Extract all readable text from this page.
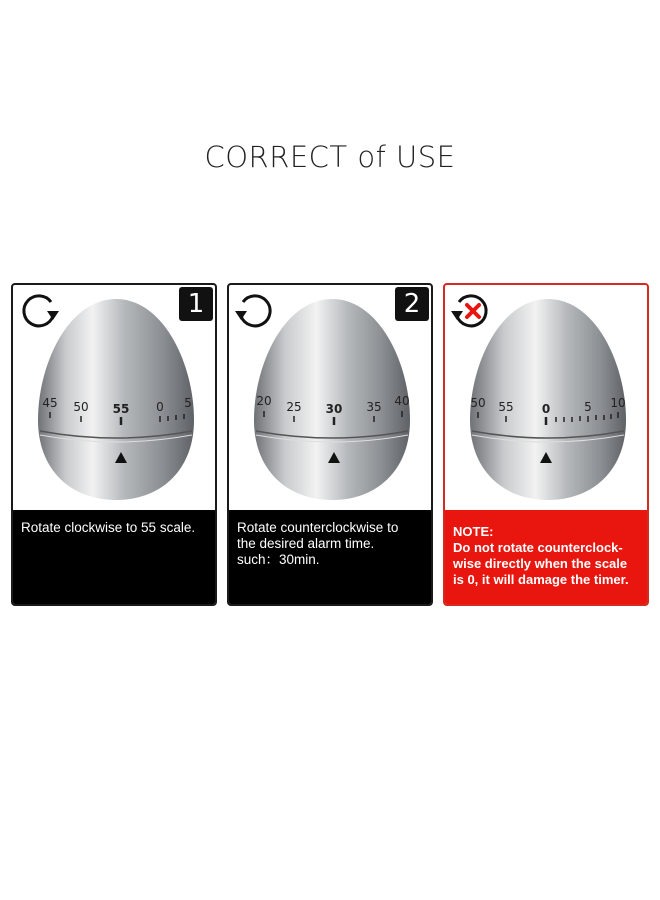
CORRECT of USE
1
45 50 55 0 5
Rotate clockwise to 55 scale.
2
20 25 30 35 40
Rotate counterclockwise to
the desired alarm time.
such：30min.
50 55 0	5 10
NOTE:
Do not rotate counterclock-
wise directly when the scale
is 0, it will damage the timer.
